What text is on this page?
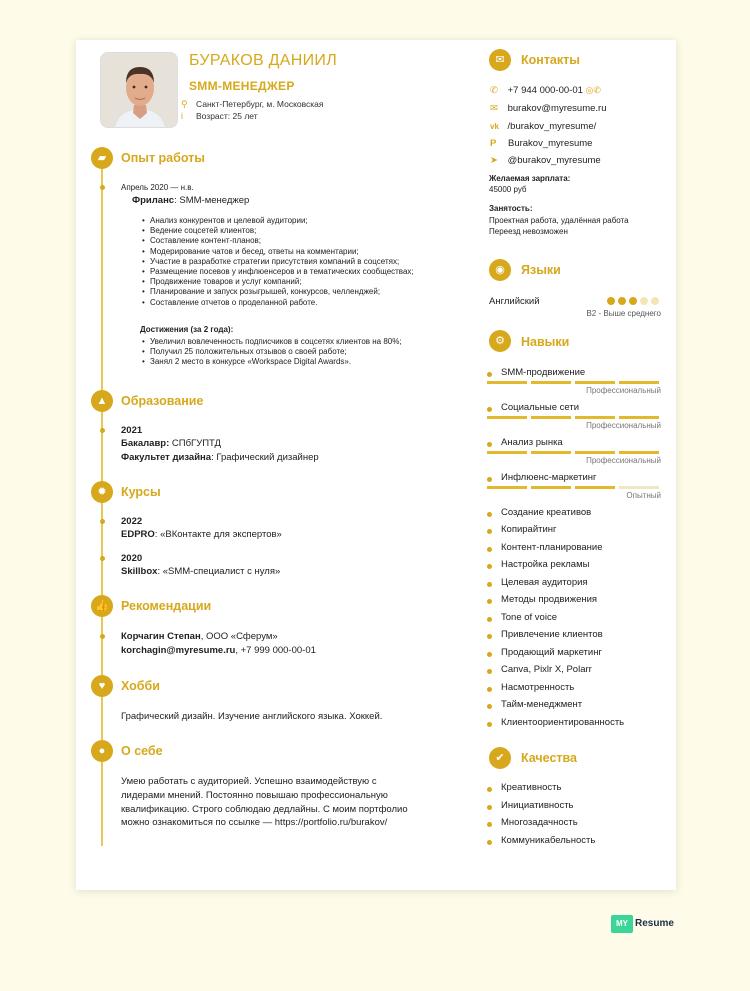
БУРАКОВ ДАНИИЛ
SMM-МЕНЕДЖЕР
⚲ Санкт-Петербург, м. Московская
i	Возраст: 25 лет
▰	Опыт работы
Апрель 2020 — н.в.
Фриланс: SMM-менеджер
• Анализ конкурентов и целевой аудитории;
• Ведение соцсетей клиентов;
• Составление контент-планов;
• Модерирование чатов и бесед, ответы на комментарии;
• Участие в разработке стратегии присутствия компаний в соцсетях;
• Размещение посевов у инфлюенсеров и в тематических сообществах;
• Продвижение товаров и услуг компаний;
• Планирование и запуск розыгрышей, конкурсов, челленджей;
• Составление отчетов о проделанной работе.
Достижения (за 2 года):
• Увеличил вовлеченность подписчиков в соцсетях клиентов на 80%;
• Получил 25 положительных отзывов о своей работе;
• Занял 2 место в конкурсе «Workspace Digital Awards».
▲	Образование
2021
Бакалавр: СПбГУПТД
Факультет дизайна: Графический дизайнер
✹	Курсы
2022
EDPRO: «ВКонтакте для экспертов»
2020
Skillbox: «SMM-специалист с нуля»
👍 Рекомендации
Корчагин Степан, ООО «Сферум»
korchagin@myresume.ru, +7 999 000-00-01
♥	Хобби
Графический дизайн. Изучение английского языка. Хоккей.
●	О себе
Умею работать с аудиторией. Успешно взаимодействую с
лидерами мнений. Постоянно повышаю профессиональную
квалификацию. Строго соблюдаю дедлайны. С моим портфолио
можно ознакомиться по ссылке — https://portfolio.ru/burakov/
✉	Контакты
✆ +7 944 000-00-01 ◎✆
✉ burakov@myresume.ru
vk /burakov_myresume/
P Burakov_myresume
➤ @burakov_myresume
Желаемая зарплата:
45000 руб
Занятость:
Проектная работа, удалённая работа
Переезд невозможен
◉	Языки
Английский
B2 - Выше среднего
⚙	Навыки
SMM-продвижение
Профессиональный
Социальные сети
Профессиональный
Анализ рынка
Профессиональный
Инфлюенс-маркетинг
Опытный
Создание креативов
Копирайтинг
Контент-планирование
Настройка рекламы
Целевая аудитория
Методы продвижения
Tone of voice
Привлечение клиентов
Продающий маркетинг
Canva, Pixlr X, Polarr
Насмотренность
Тайм-менеджмент
Клиентоориентированность
✔	Качества
Креативность
Инициативность
Многозадачность
Коммуникабельность
MY Resume
